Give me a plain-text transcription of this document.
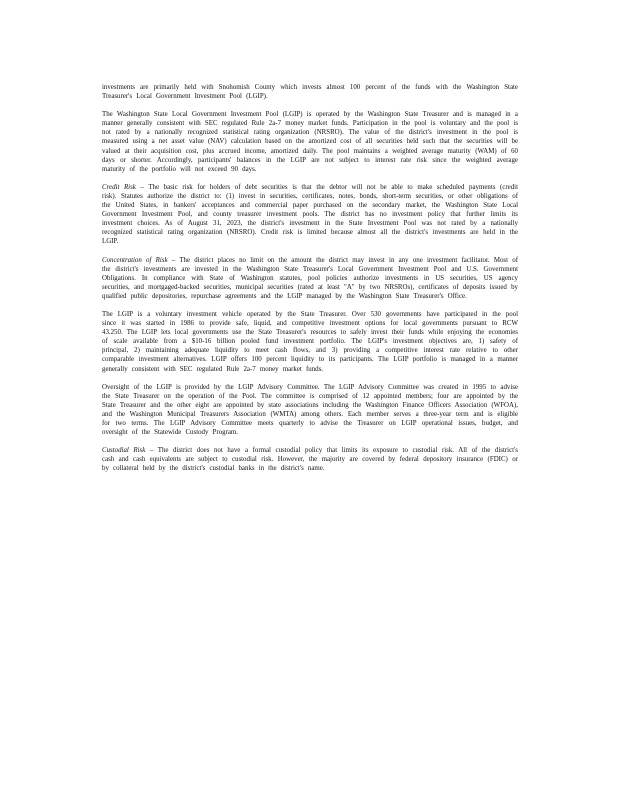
investments are primarily held with Snohomish County which invests almost 100 percent of the funds with the Washington State Treasurer's Local Government Investment Pool (LGIP).

The Washington State Local Government Investment Pool (LGIP) is operated by the Washington State Treasurer and is managed in a manner generally consistent with SEC regulated Rule 2a-7 money market funds. Participation in the pool is voluntary and the pool is not rated by a nationally recognized statistical rating organization (NRSRO). The value of the district's investment in the pool is measured using a net asset value (NAV) calculation based on the amortized cost of all securities held such that the securities will be valued at their acquisition cost, plus accrued income, amortized daily. The pool maintains a weighted average maturity (WAM) of 60 days or shorter. Accordingly, participants' balances in the LGIP are not subject to interest rate risk since the weighted average maturity of the portfolio will not exceed 90 days.

Credit Risk – The basic risk for holders of debt securities is that the debtor will not be able to make scheduled payments (credit risk). Statutes authorize the district to: (1) invest in securities, certificates, notes, bonds, short-term securities, or other obligations of the United States, in bankers' acceptances and commercial paper purchased on the secondary market, the Washington State Local Government Investment Pool, and county treasurer investment pools. The district has no investment policy that further limits its investment choices. As of August 31, 2023, the district's investment in the State Investment Pool was not rated by a nationally recognized statistical rating organization (NRSRO). Credit risk is limited because almost all the district's investments are held in the LGIP.

Concentration of Risk – The district places no limit on the amount the district may invest in any one investment facilitator. Most of the district's investments are invested in the Washington State Treasurer's Local Government Investment Pool and U.S. Government Obligations. In compliance with State of Washington statutes, pool policies authorize investments in US securities, US agency securities, and mortgaged-backed securities, municipal securities (rated at least "A" by two NRSROs), certificates of deposits issued by qualified public depositories, repurchase agreements and the LGIP managed by the Washington State Treasurer's Office.

The LGIP is a voluntary investment vehicle operated by the State Treasurer. Over 530 governments have participated in the pool since it was started in 1986 to provide safe, liquid, and competitive investment options for local governments pursuant to RCW 43.250. The LGIP lets local governments use the State Treasurer's resources to safely invest their funds while enjoying the economies of scale available from a $10-16 billion pooled fund investment portfolio. The LGIP's investment objectives are, 1) safety of principal, 2) maintaining adequate liquidity to meet cash flows, and 3) providing a competitive interest rate relative to other comparable investment alternatives. LGIP offers 100 percent liquidity to its participants. The LGIP portfolio is managed in a manner generally consistent with SEC regulated Rule 2a-7 money market funds.

Oversight of the LGIP is provided by the LGIP Advisory Committee. The LGIP Advisory Committee was created in 1995 to advise the State Treasurer on the operation of the Pool. The committee is comprised of 12 appointed members; four are appointed by the State Treasurer and the other eight are appointed by state associations including the Washington Finance Officers Association (WFOA), and the Washington Municipal Treasurers Association (WMTA) among others. Each member serves a three-year term and is eligible for two terms. The LGIP Advisory Committee meets quarterly to advise the Treasurer on LGIP operational issues, budget, and oversight of the Statewide Custody Program.

Custodial Risk – The district does not have a formal custodial policy that limits its exposure to custodial risk. All of the district's cash and cash equivalents are subject to custodial risk. However, the majority are covered by federal depository insurance (FDIC) or by collateral held by the district's custodial banks in the district's name.
